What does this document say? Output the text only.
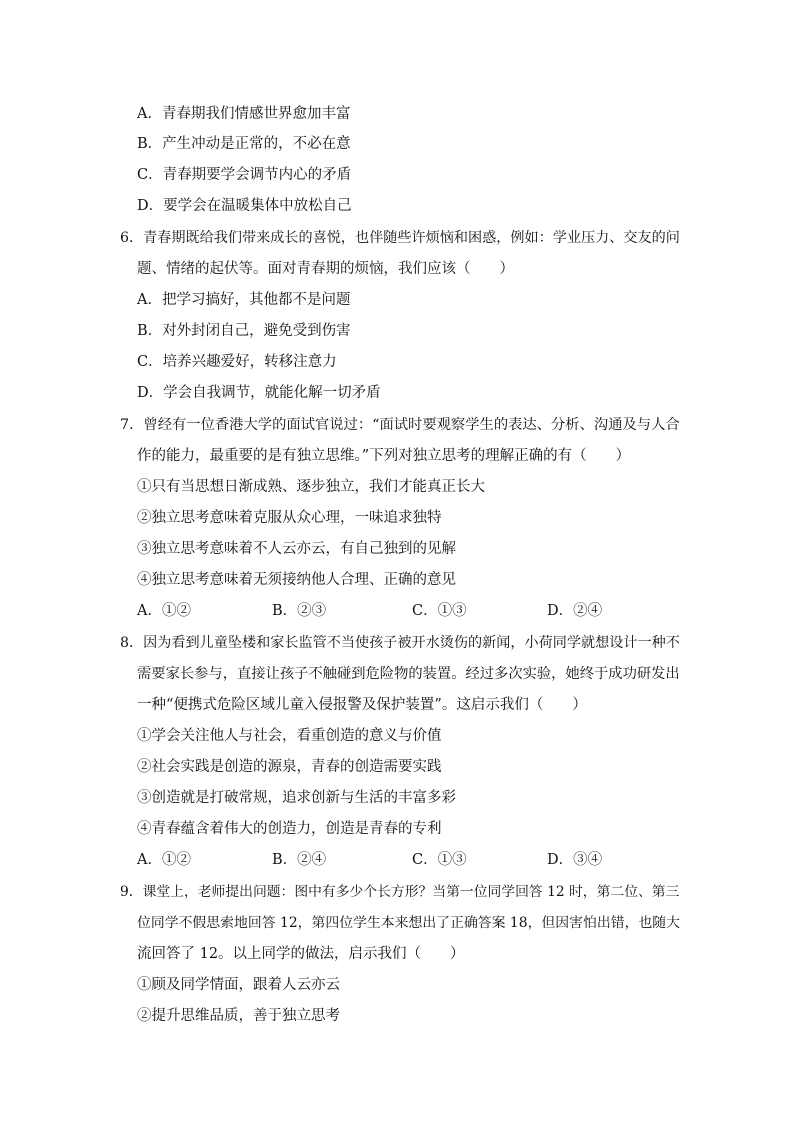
A．青春期我们情感世界愈加丰富
B．产生冲动是正常的，不必在意
C．青春期要学会调节内心的矛盾
D．要学会在温暖集体中放松自己
6．青春期既给我们带来成长的喜悦，也伴随些许烦恼和困惑，例如：学业压力、交友的问
题、情绪的起伏等。面对青春期的烦恼，我们应该（　　）
A．把学习搞好，其他都不是问题
B．对外封闭自己，避免受到伤害
C．培养兴趣爱好，转移注意力
D．学会自我调节，就能化解一切矛盾
7．曾经有一位香港大学的面试官说过：“面试时要观察学生的表达、分析、沟通及与人合
作的能力，最重要的是有独立思维。”下列对独立思考的理解正确的有（　　）
①只有当思想日渐成熟、逐步独立，我们才能真正长大
②独立思考意味着克服从众心理，一味追求独特
③独立思考意味着不人云亦云，有自己独到的见解
④独立思考意味着无须接纳他人合理、正确的意见
A．①②	B．②③	C．①③	D．②④
8．因为看到儿童坠楼和家长监管不当使孩子被开水烫伤的新闻，小荷同学就想设计一种不
需要家长参与，直接让孩子不触碰到危险物的装置。经过多次实验，她终于成功研发出
一种“便携式危险区域儿童入侵报警及保护装置”。这启示我们（　　）
①学会关注他人与社会，看重创造的意义与价值
②社会实践是创造的源泉，青春的创造需要实践
③创造就是打破常规，追求创新与生活的丰富多彩
④青春蕴含着伟大的创造力，创造是青春的专利
A．①②	B．②④	C．①③	D．③④
9．课堂上，老师提出问题：图中有多少个长方形？当第一位同学回答 12 时，第二位、第三
位同学不假思索地回答 12，第四位学生本来想出了正确答案 18，但因害怕出错，也随大
流回答了 12。以上同学的做法，启示我们（　　）
①顾及同学情面，跟着人云亦云
②提升思维品质，善于独立思考
